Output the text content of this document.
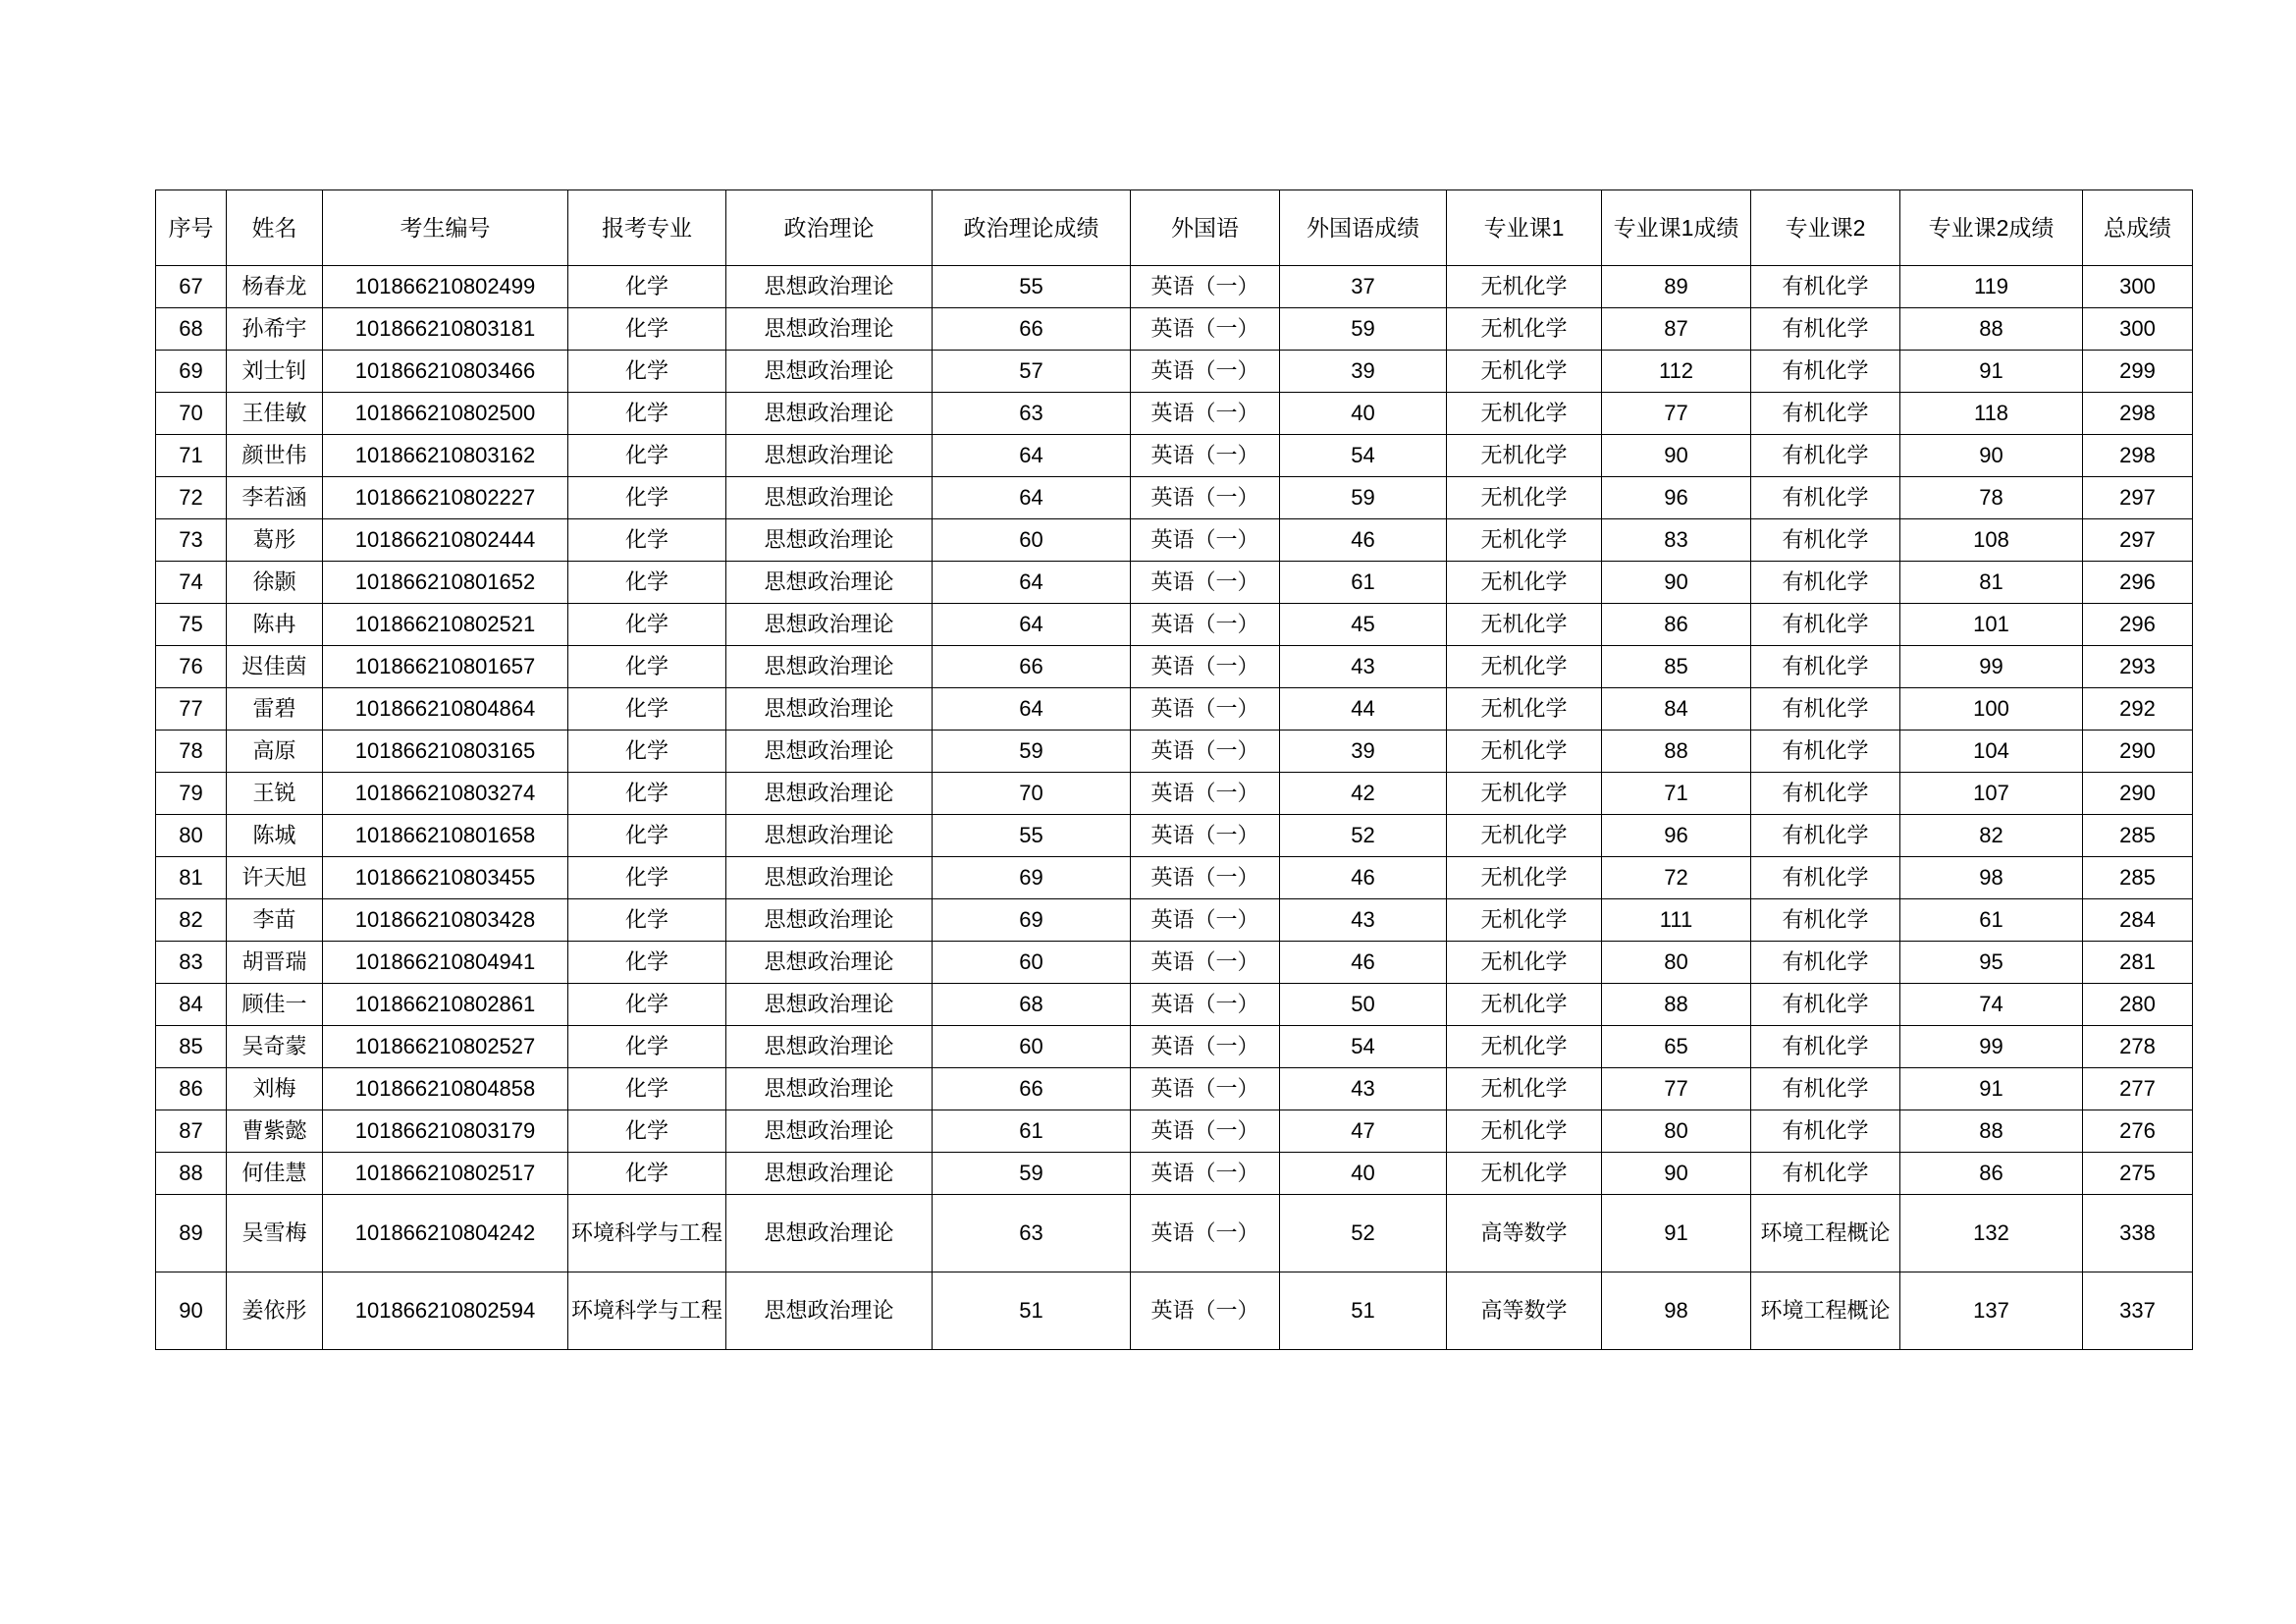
序号	姓名	考生编号	报考专业	政治理论	政治理论成绩	外国语	外国语成绩	专业课1	专业课1成绩	专业课2	专业课2成绩	总成绩
67	杨春龙	101866210802499	化学	思想政治理论	55	英语（一）	37	无机化学	89	有机化学	119	300
68	孙希宇	101866210803181	化学	思想政治理论	66	英语（一）	59	无机化学	87	有机化学	88	300
69	刘士钊	101866210803466	化学	思想政治理论	57	英语（一）	39	无机化学	112	有机化学	91	299
70	王佳敏	101866210802500	化学	思想政治理论	63	英语（一）	40	无机化学	77	有机化学	118	298
71	颜世伟	101866210803162	化学	思想政治理论	64	英语（一）	54	无机化学	90	有机化学	90	298
72	李若涵	101866210802227	化学	思想政治理论	64	英语（一）	59	无机化学	96	有机化学	78	297
73	葛彤	101866210802444	化学	思想政治理论	60	英语（一）	46	无机化学	83	有机化学	108	297
74	徐颢	101866210801652	化学	思想政治理论	64	英语（一）	61	无机化学	90	有机化学	81	296
75	陈冉	101866210802521	化学	思想政治理论	64	英语（一）	45	无机化学	86	有机化学	101	296
76	迟佳茵	101866210801657	化学	思想政治理论	66	英语（一）	43	无机化学	85	有机化学	99	293
77	雷碧	101866210804864	化学	思想政治理论	64	英语（一）	44	无机化学	84	有机化学	100	292
78	高原	101866210803165	化学	思想政治理论	59	英语（一）	39	无机化学	88	有机化学	104	290
79	王锐	101866210803274	化学	思想政治理论	70	英语（一）	42	无机化学	71	有机化学	107	290
80	陈城	101866210801658	化学	思想政治理论	55	英语（一）	52	无机化学	96	有机化学	82	285
81	许天旭	101866210803455	化学	思想政治理论	69	英语（一）	46	无机化学	72	有机化学	98	285
82	李苗	101866210803428	化学	思想政治理论	69	英语（一）	43	无机化学	111	有机化学	61	284
83	胡晋瑞	101866210804941	化学	思想政治理论	60	英语（一）	46	无机化学	80	有机化学	95	281
84	顾佳一	101866210802861	化学	思想政治理论	68	英语（一）	50	无机化学	88	有机化学	74	280
85	吴奇蒙	101866210802527	化学	思想政治理论	60	英语（一）	54	无机化学	65	有机化学	99	278
86	刘梅	101866210804858	化学	思想政治理论	66	英语（一）	43	无机化学	77	有机化学	91	277
87	曹紫懿	101866210803179	化学	思想政治理论	61	英语（一）	47	无机化学	80	有机化学	88	276
88	何佳慧	101866210802517	化学	思想政治理论	59	英语（一）	40	无机化学	90	有机化学	86	275
89	吴雪梅	101866210804242	环境科学与工程	思想政治理论	63	英语（一）	52	高等数学	91	环境工程概论	132	338
90	姜依彤	101866210802594	环境科学与工程	思想政治理论	51	英语（一）	51	高等数学	98	环境工程概论	137	337
